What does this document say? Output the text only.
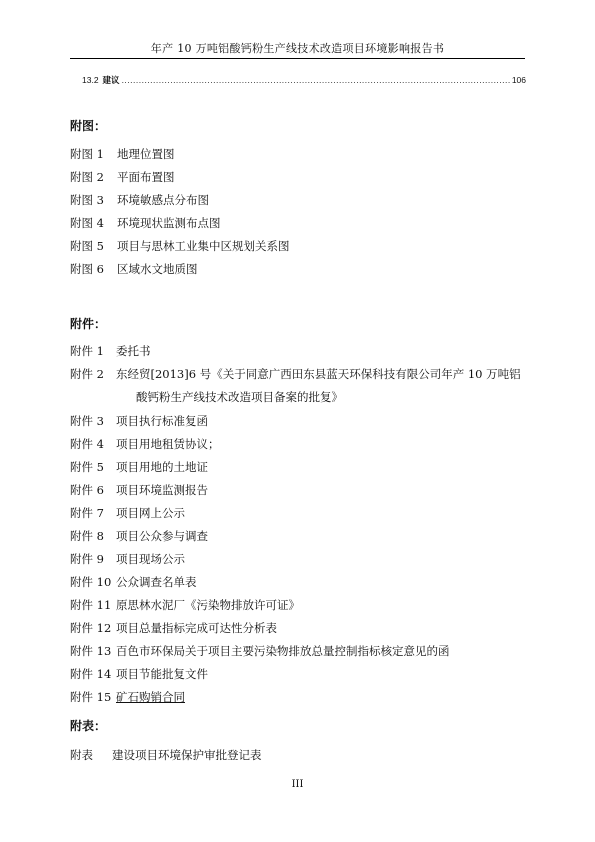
年产 10 万吨铝酸钙粉生产线技术改造项目环境影响报告书
13.2 建议
.....	106
附图：
附图 1 地理位置图
附图 2 平面布置图
附图 3 环境敏感点分布图
附图 4 环境现状监测布点图
附图 5 项目与思林工业集中区规划关系图
附图 6 区域水文地质图
附件：
附件 1 委托书
附件 2 东经贸[2013]6 号《关于同意广西田东县蓝天环保科技有限公司年产 10 万吨铝
酸钙粉生产线技术改造项目备案的批复》
附件 3 项目执行标准复函
附件 4 项目用地租赁协议；
附件 5 项目用地的土地证
附件 6 项目环境监测报告
附件 7 项目网上公示
附件 8 项目公众参与调查
附件 9 项目现场公示
附件 10 公众调查名单表
附件 11 原思林水泥厂《污染物排放许可证》
附件 12 项目总量指标完成可达性分析表
附件 13 百色市环保局关于项目主要污染物排放总量控制指标核定意见的函
附件 14 项目节能批复文件
附件 15 矿石购销合同
附表：
附表 建设项目环境保护审批登记表
III
